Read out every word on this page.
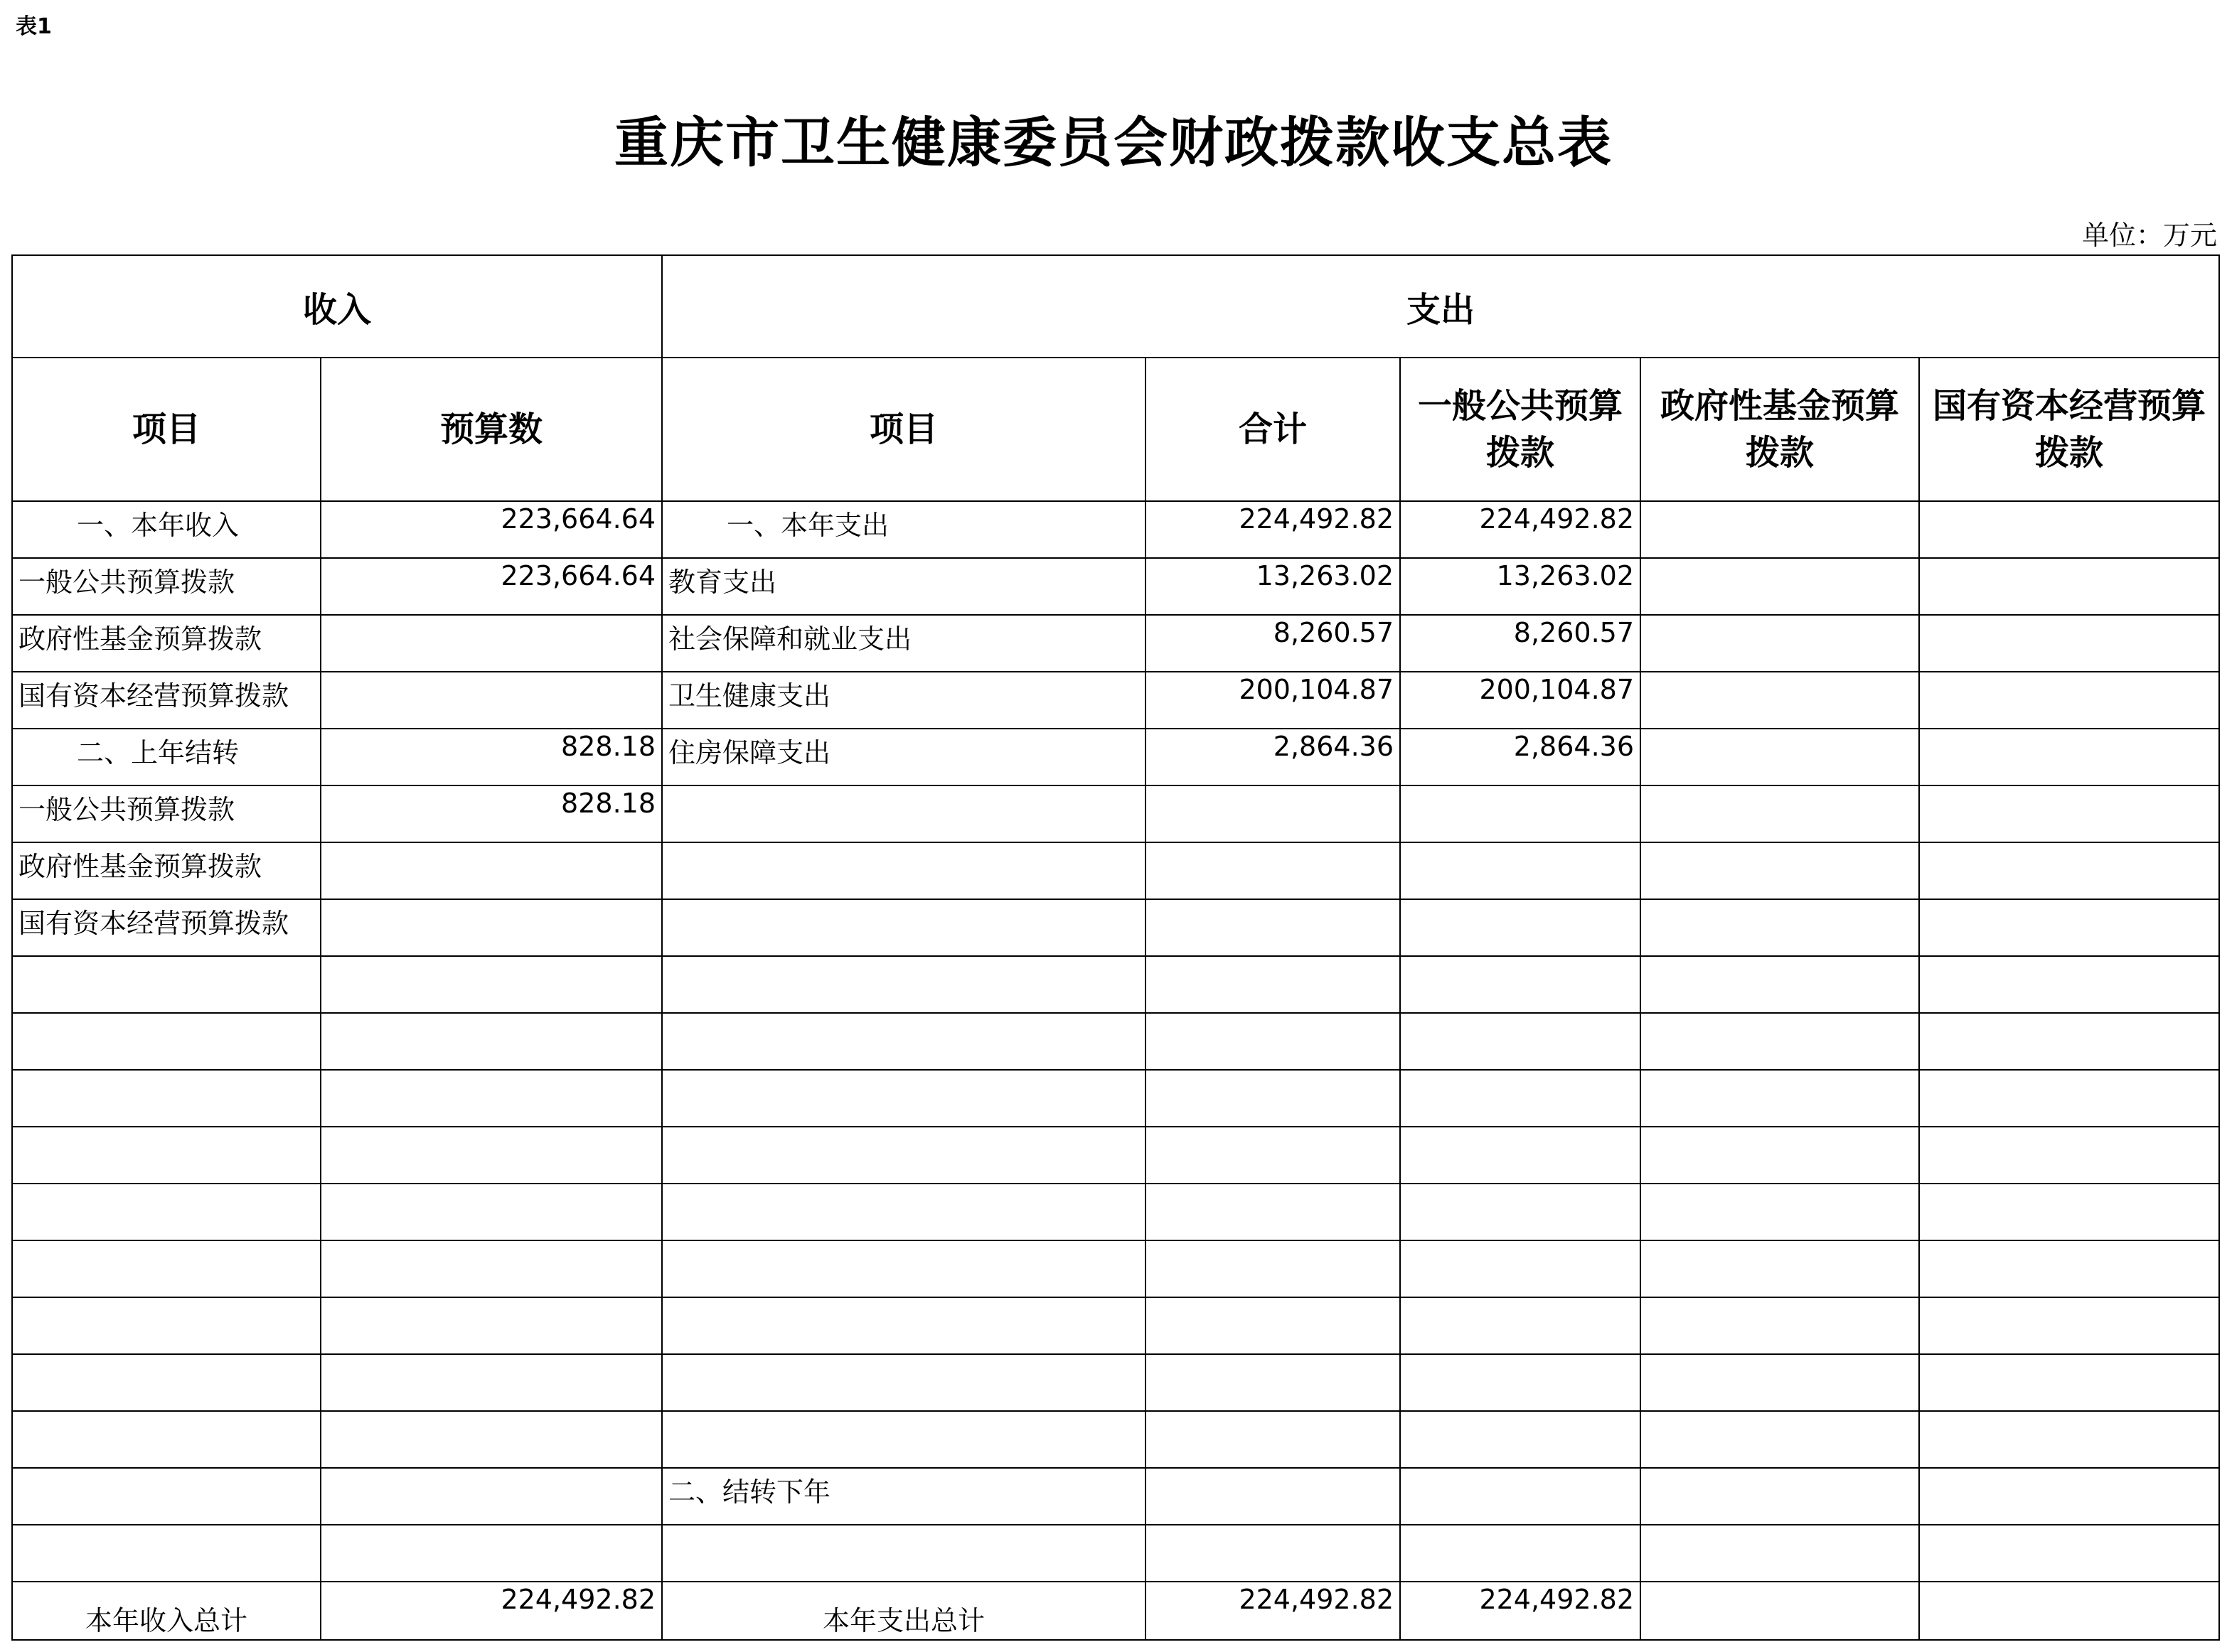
表1
重庆市卫生健康委员会财政拨款收支总表
单位：万元
收入		支出				
项目	预算数	项目	合计	一般公共预算拨款	政府性基金预算拨款	国有资本经营预算拨款
一、本年收入	223,664.64	一、本年支出	224,492.82	224,492.82		
一般公共预算拨款	223,664.64	教育支出	13,263.02	13,263.02		
政府性基金预算拨款		社会保障和就业支出	8,260.57	8,260.57		
国有资本经营预算拨款		卫生健康支出	200,104.87	200,104.87		
二、上年结转	828.18	住房保障支出	2,864.36	2,864.36		
一般公共预算拨款	828.18					
政府性基金预算拨款						
国有资本经营预算拨款						

		二、结转下年				

本年收入总计	224,492.82	本年支出总计	224,492.82	224,492.82		
